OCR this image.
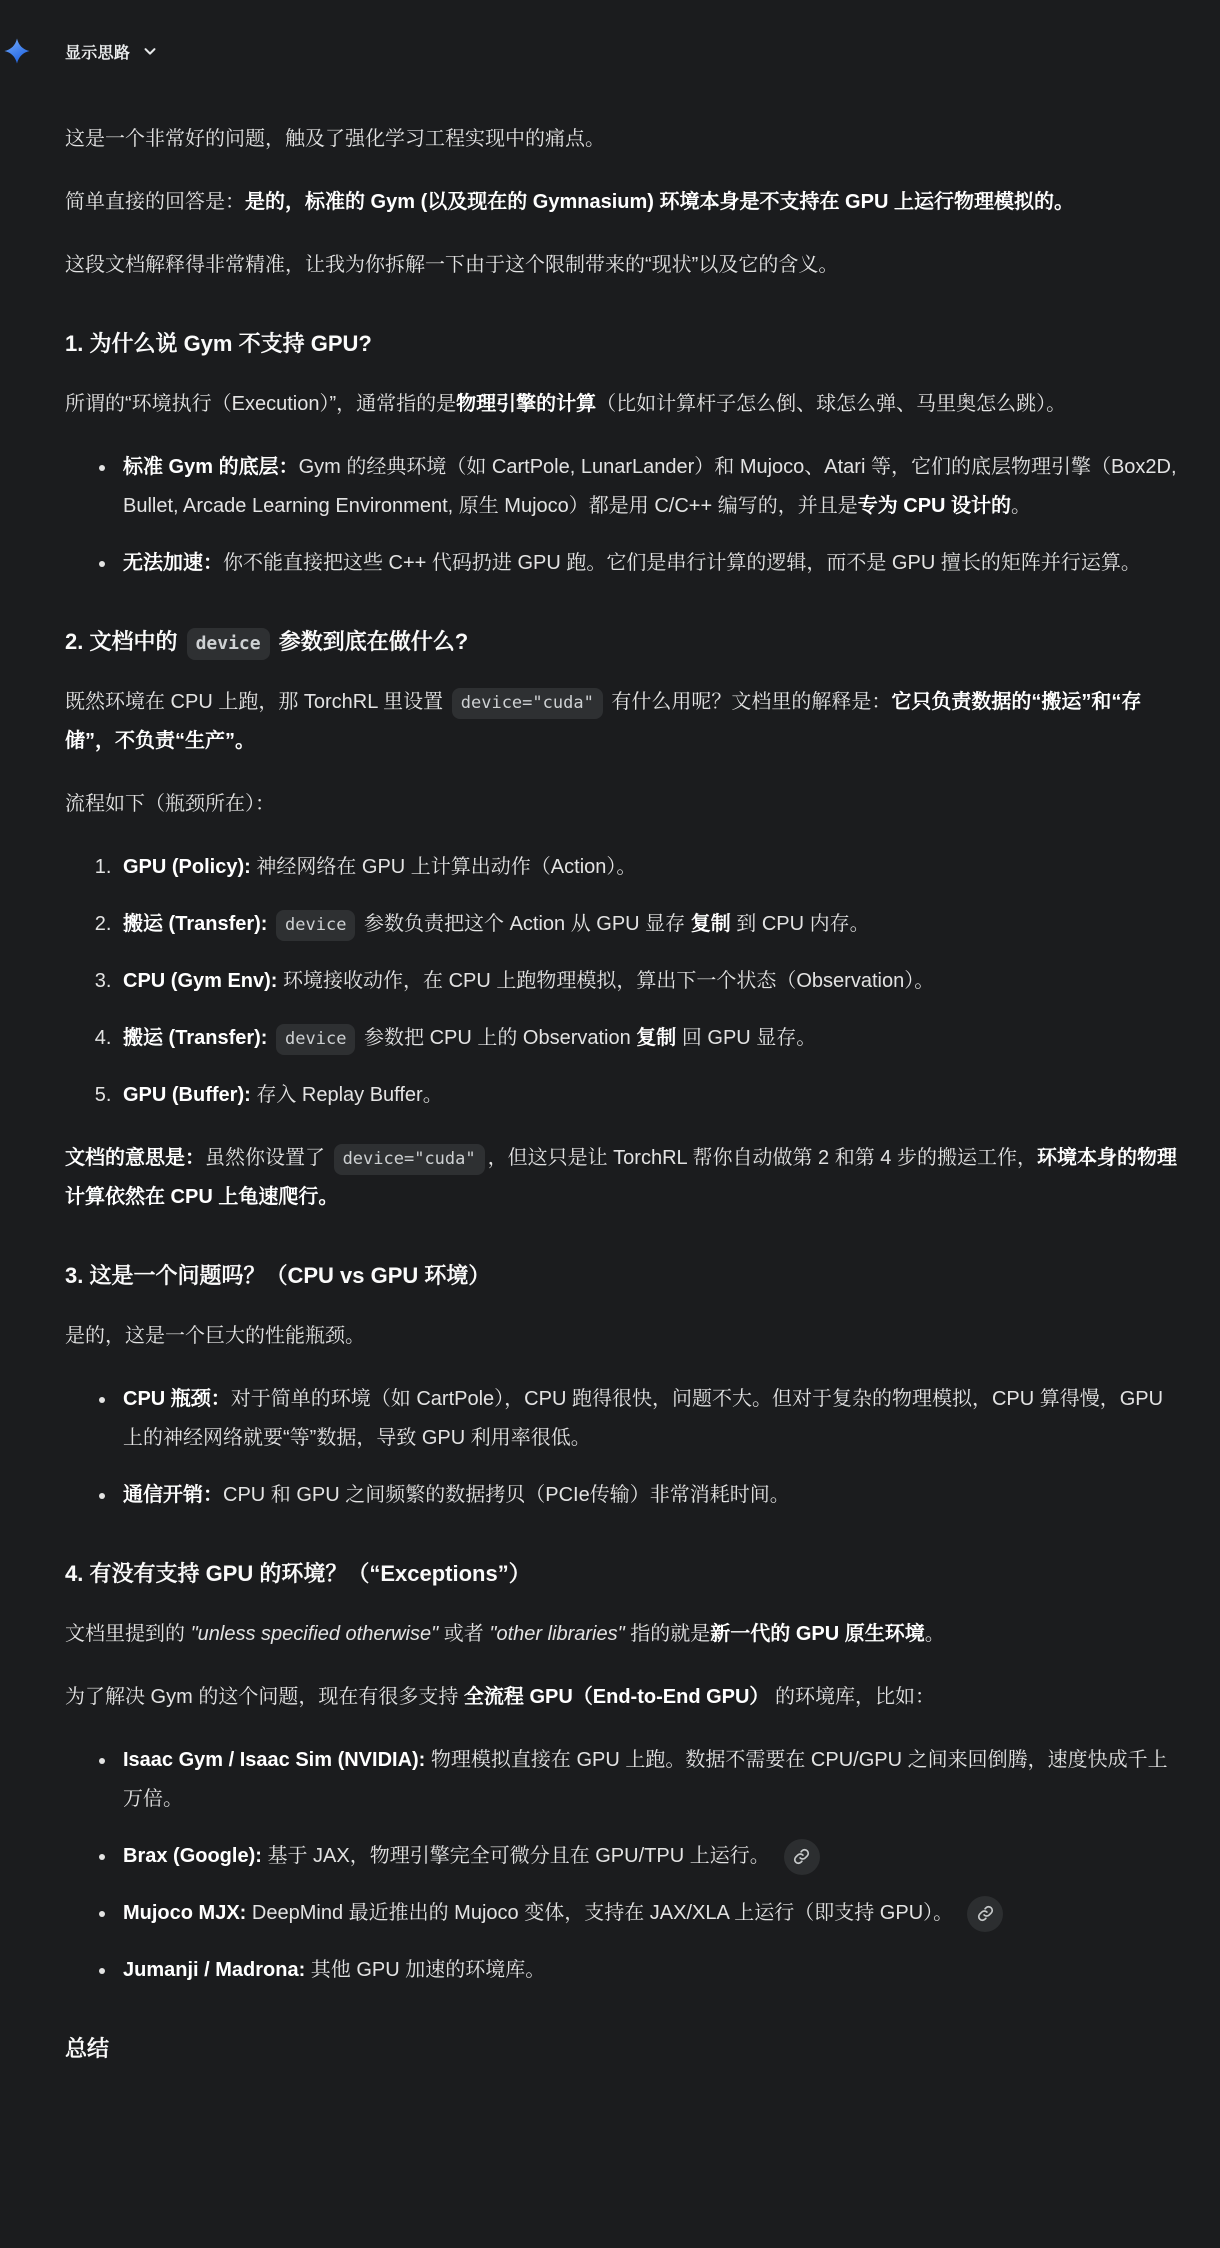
显示思路

这是一个非常好的问题，触及了强化学习工程实现中的痛点。

简单直接的回答是：是的，标准的 Gym (以及现在的 Gymnasium) 环境本身是不支持在 GPU 上运行物理模拟的。

这段文档解释得非常精准，让我为你拆解一下由于这个限制带来的“现状”以及它的含义。

1. 为什么说 Gym 不支持 GPU?

所谓的“环境执行（Execution）”，通常指的是物理引擎的计算（比如计算杆子怎么倒、球怎么弹、马里奥怎么跳）。

• 标准 Gym 的底层：Gym 的经典环境（如 CartPole, LunarLander）和 Mujoco、Atari 等，它们的底层物理引擎（Box2D, Bullet, Arcade Learning Environment, 原生 Mujoco）都是用 C/C++ 编写的，并且是专为 CPU 设计的。
• 无法加速：你不能直接把这些 C++ 代码扔进 GPU 跑。它们是串行计算的逻辑，而不是 GPU 擅长的矩阵并行运算。
2. 文档中的 device 参数到底在做什么?

既然环境在 CPU 上跑，那 TorchRL 里设置 device="cuda" 有什么用呢？文档里的解释是：它只负责数据的“搬运”和“存储”，不负责“生产”。

流程如下（瓶颈所在）：

1. GPU (Policy): 神经网络在 GPU 上计算出动作（Action）。
2. 搬运 (Transfer): device 参数负责把这个 Action 从 GPU 显存 复制 到 CPU 内存。
3. CPU (Gym Env): 环境接收动作，在 CPU 上跑物理模拟，算出下一个状态（Observation）。
4. 搬运 (Transfer): device 参数把 CPU 上的 Observation 复制 回 GPU 显存。
5. GPU (Buffer): 存入 Replay Buffer。

文档的意思是：虽然你设置了 device="cuda" ，但这只是让 TorchRL 帮你自动做第 2 和第 4 步的搬运工作，环境本身的物理计算依然在 CPU 上龟速爬行。

3. 这是一个问题吗？（CPU vs GPU 环境）

是的，这是一个巨大的性能瓶颈。

• CPU 瓶颈：对于简单的环境（如 CartPole），CPU 跑得很快，问题不大。但对于复杂的物理模拟，CPU 算得慢，GPU 上的神经网络就要“等”数据，导致 GPU 利用率很低。
• 通信开销：CPU 和 GPU 之间频繁的数据拷贝（PCIe传输）非常消耗时间。
4. 有没有支持 GPU 的环境？（“Exceptions”）

文档里提到的 "unless specified otherwise" 或者 "other libraries" 指的就是新一代的 GPU 原生环境。

为了解决 Gym 的这个问题，现在有很多支持 全流程 GPU（End-to-End GPU） 的环境库，比如：

• Isaac Gym / Isaac Sim (NVIDIA): 物理模拟直接在 GPU 上跑。数据不需要在 CPU/GPU 之间来回倒腾，速度快成千上万倍。
• Brax (Google): 基于 JAX，物理引擎完全可微分且在 GPU/TPU 上运行。
• Mujoco MJX: DeepMind 最近推出的 Mujoco 变体，支持在 JAX/XLA 上运行（即支持 GPU）。
• Jumanji / Madrona: 其他 GPU 加速的环境库。
总结
